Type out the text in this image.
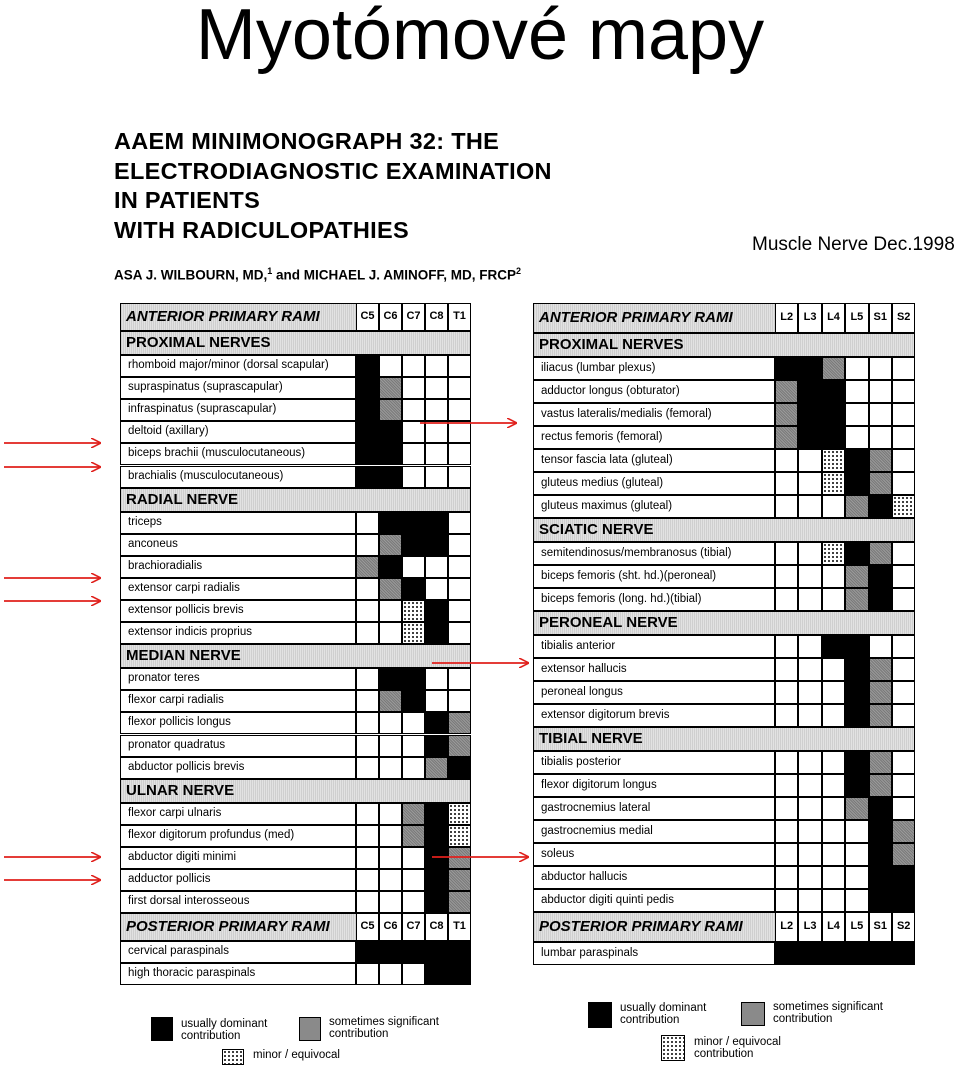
Myotómové mapy
AAEM MINIMONOGRAPH 32: THE
ELECTRODIAGNOSTIC EXAMINATION
IN PATIENTS
WITH RADICULOPATHIES
ASA J. WILBOURN, MD,$^1$ and MICHAEL J. AMINOFF, MD, FRCP$^2$
Muscle Nerve Dec.1998
ANTERIOR PRIMARY RAMI	C5 C6 C7 C8 T1
PROXIMAL NERVES
rhomboid major/minor (dorsal scapular)
supraspinatus (suprascapular)
infraspinatus (suprascapular)
deltoid (axillary)
biceps brachii (musculocutaneous)
brachialis (musculocutaneous)
RADIAL NERVE
triceps
anconeus
brachioradialis
extensor carpi radialis
extensor pollicis brevis
extensor indicis proprius
MEDIAN NERVE
pronator teres
flexor carpi radialis
flexor pollicis longus
pronator quadratus
abductor pollicis brevis
ULNAR NERVE
flexor carpi ulnaris
flexor digitorum profundus (med)
abductor digiti minimi
adductor pollicis
first dorsal interosseous
POSTERIOR PRIMARY RAMI	C5 C6 C7 C8 T1
cervical paraspinals
high thoracic paraspinals
ANTERIOR PRIMARY RAMI	L2 L3 L4 L5 S1 S2
PROXIMAL NERVES
iliacus (lumbar plexus)
adductor longus (obturator)
vastus lateralis/medialis (femoral)
rectus femoris (femoral)
tensor fascia lata (gluteal)
gluteus medius (gluteal)
gluteus maximus (gluteal)
SCIATIC NERVE
semitendinosus/membranosus (tibial)
biceps femoris (sht. hd.)(peroneal)
biceps femoris (long. hd.)(tibial)
PERONEAL NERVE
tibialis anterior
extensor hallucis
peroneal longus
extensor digitorum brevis
TIBIAL NERVE
tibialis posterior
flexor digitorum longus
gastrocnemius lateral
gastrocnemius medial
soleus
abductor hallucis
abductor digiti quinti pedis
POSTERIOR PRIMARY RAMI	L2 L3 L4 L5 S1 S2
lumbar paraspinals
usually dominant
contribution
sometimes significant
contribution
minor / equivocal
usually dominant
contribution
sometimes significant
contribution
minor / equivocal
contribution
